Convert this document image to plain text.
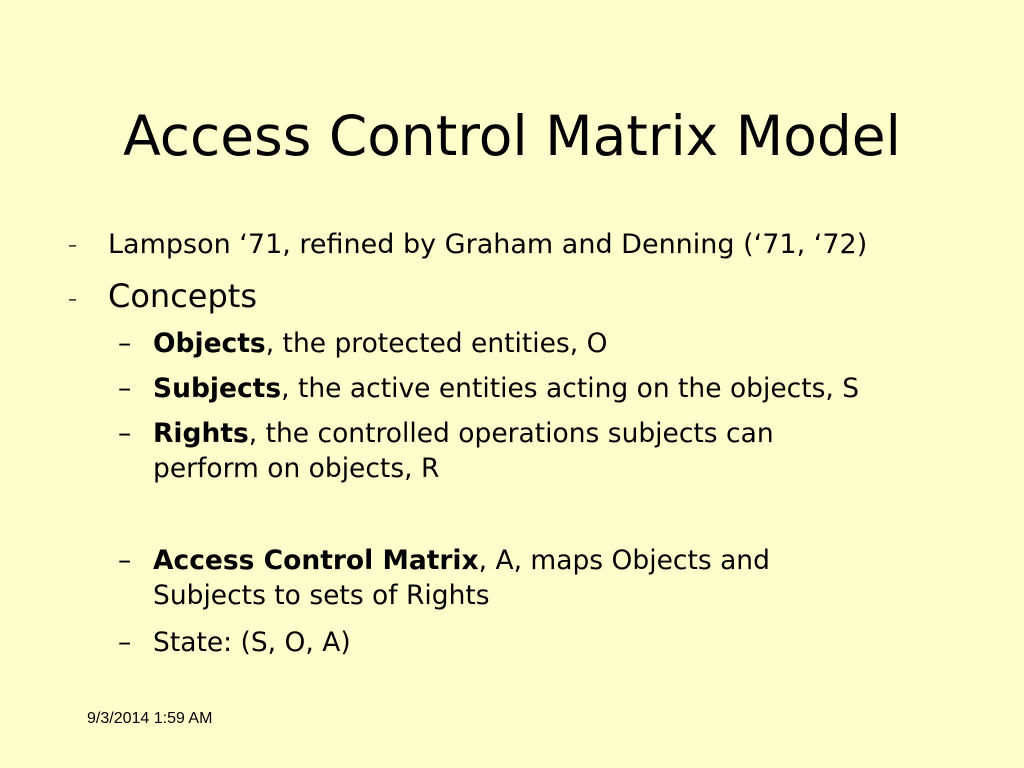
Access Control Matrix Model
– Lampson ‘71, refined by Graham and Denning (‘71, ‘72)
– Concepts
– Objects, the protected entities, O
– Subjects, the active entities acting on the objects, S
– Rights, the controlled operations subjects can perform on objects, R
– Access Control Matrix, A, maps Objects and Subjects to sets of Rights
– State: (S, O, A)
9/3/2014 1:59 AM
